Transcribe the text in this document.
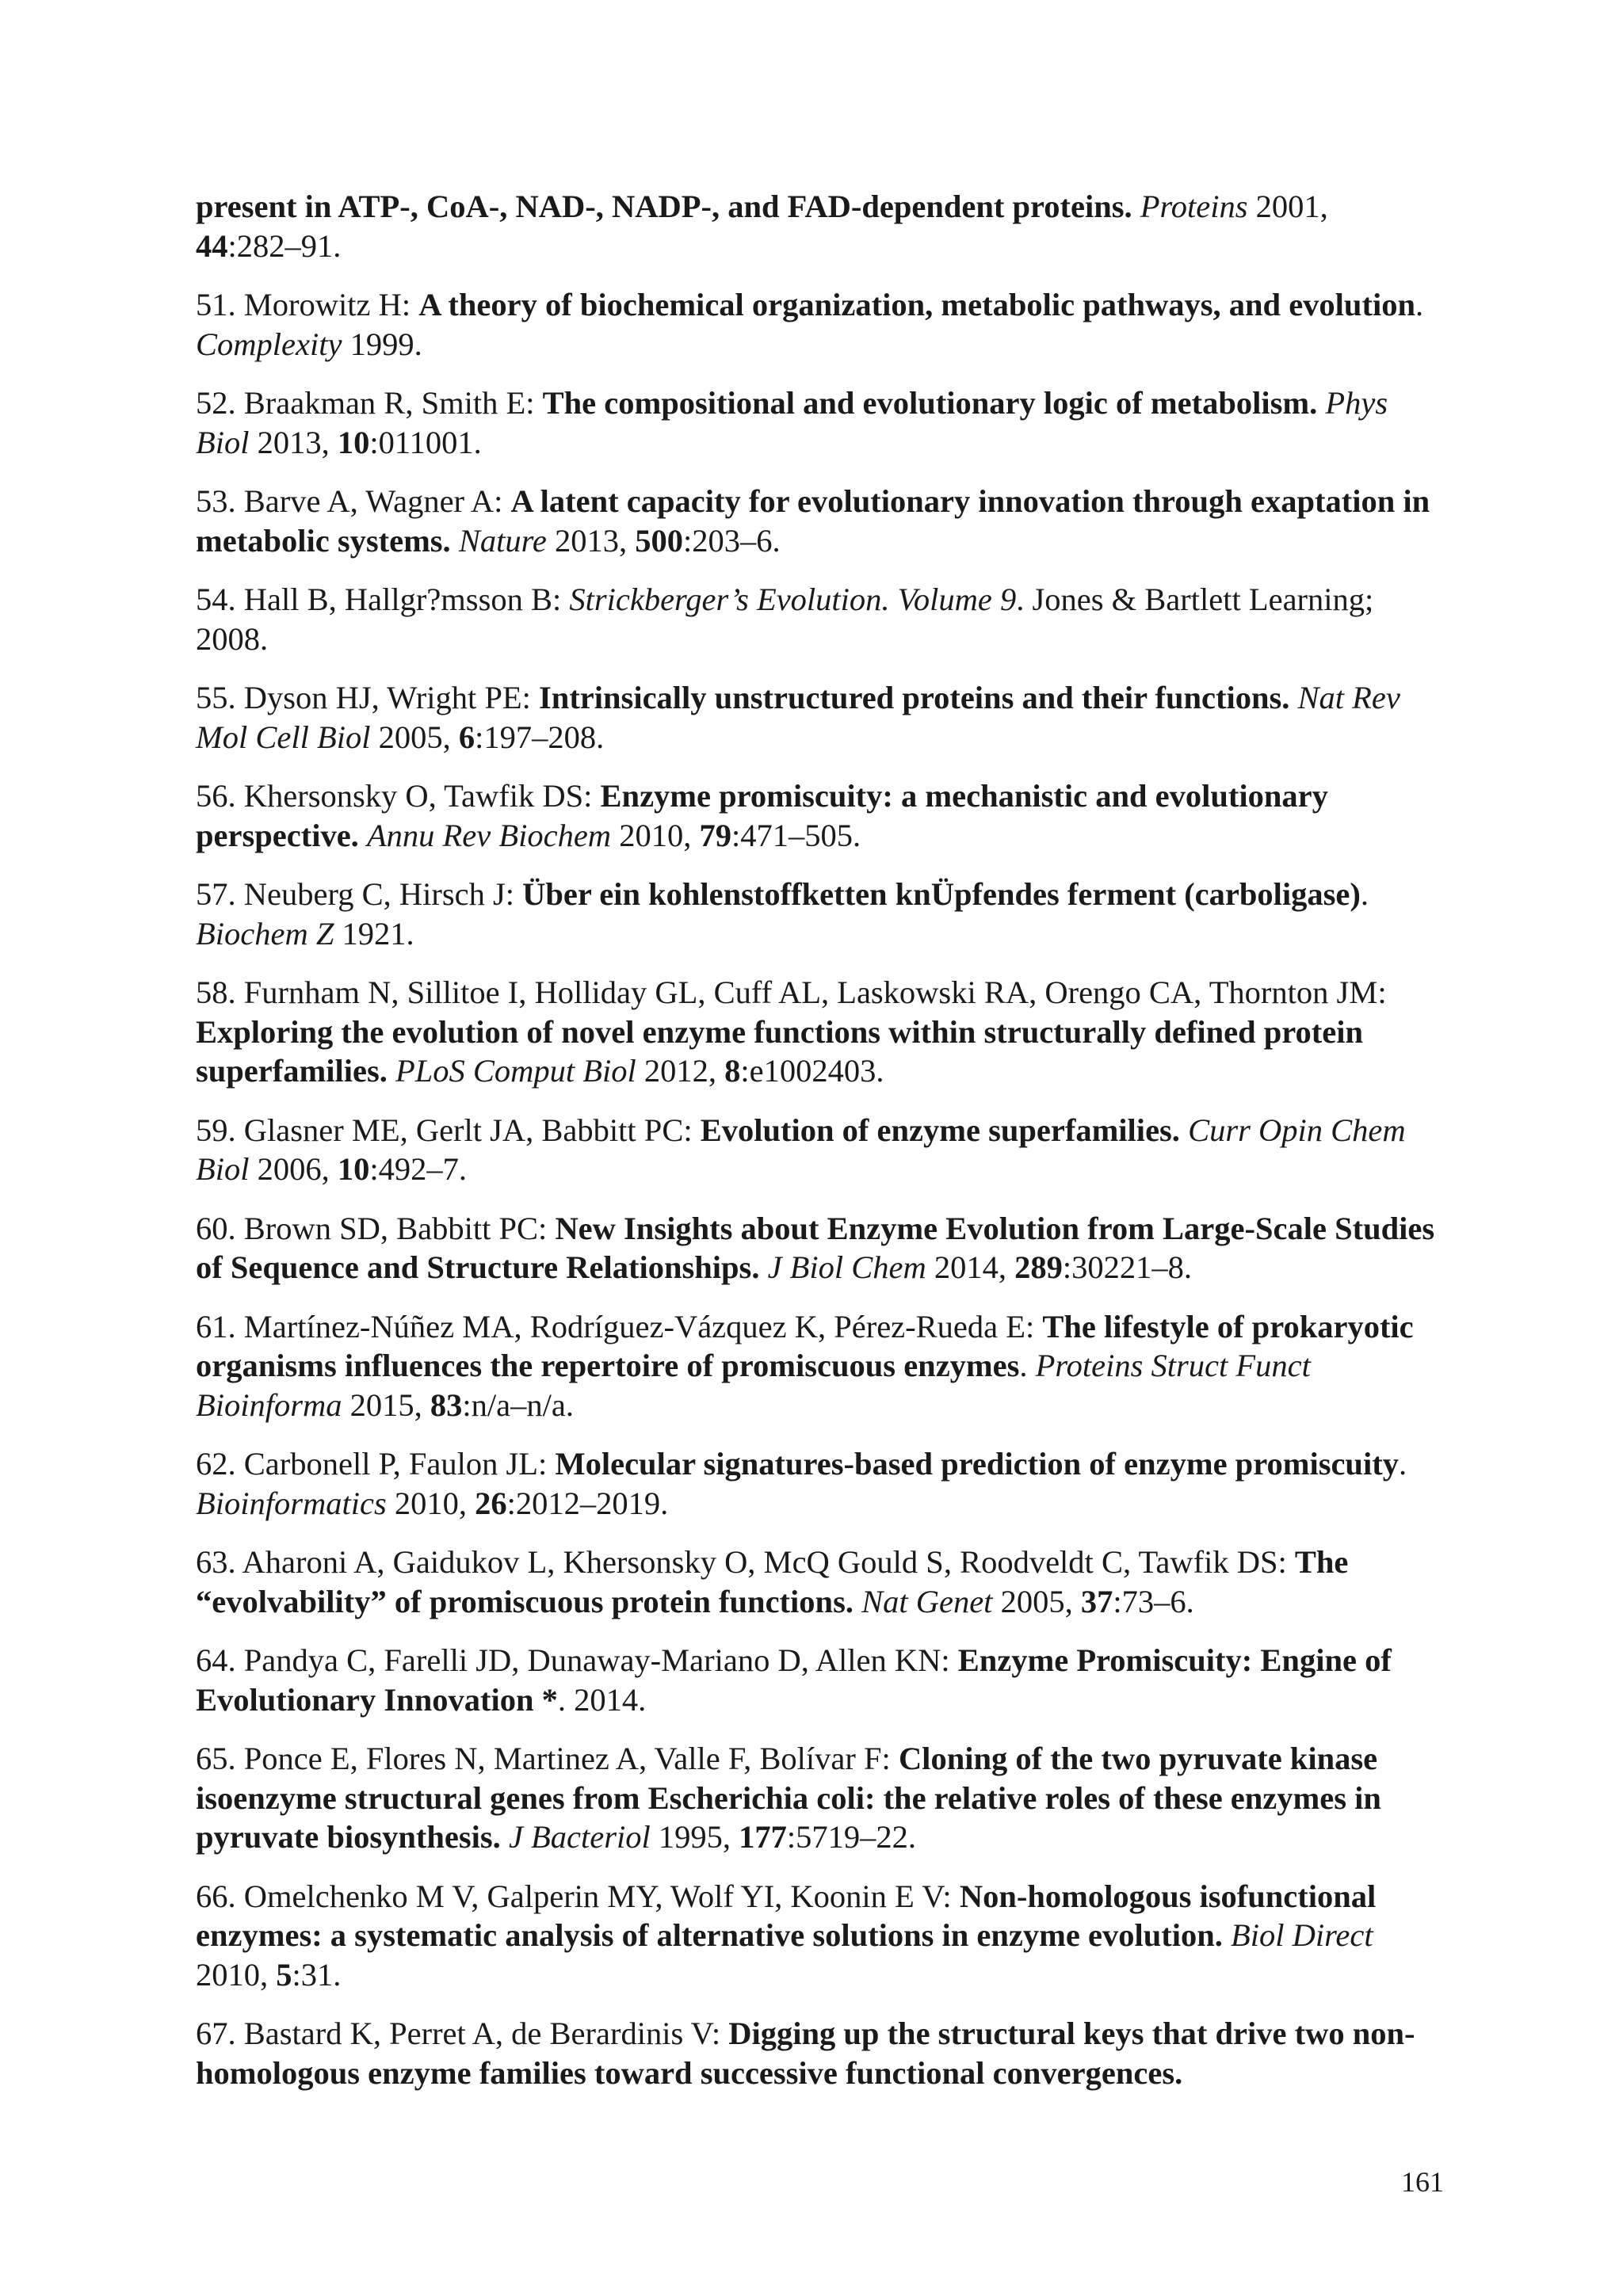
present in ATP-, CoA-, NAD-, NADP-, and FAD-dependent proteins. Proteins 2001, 44:282–91.

51. Morowitz H: A theory of biochemical organization, metabolic pathways, and evolution. Complexity 1999.

52. Braakman R, Smith E: The compositional and evolutionary logic of metabolism. Phys Biol 2013, 10:011001.

53. Barve A, Wagner A: A latent capacity for evolutionary innovation through exaptation in metabolic systems. Nature 2013, 500:203–6.

54. Hall B, Hallgr?msson B: Strickberger’s Evolution. Volume 9. Jones & Bartlett Learning; 2008.

55. Dyson HJ, Wright PE: Intrinsically unstructured proteins and their functions. Nat Rev Mol Cell Biol 2005, 6:197–208.

56. Khersonsky O, Tawfik DS: Enzyme promiscuity: a mechanistic and evolutionary perspective. Annu Rev Biochem 2010, 79:471–505.

57. Neuberg C, Hirsch J: Über ein kohlenstoffketten knÜpfendes ferment (carboligase). Biochem Z 1921.

58. Furnham N, Sillitoe I, Holliday GL, Cuff AL, Laskowski RA, Orengo CA, Thornton JM: Exploring the evolution of novel enzyme functions within structurally defined protein superfamilies. PLoS Comput Biol 2012, 8:e1002403.

59. Glasner ME, Gerlt JA, Babbitt PC: Evolution of enzyme superfamilies. Curr Opin Chem Biol 2006, 10:492–7.

60. Brown SD, Babbitt PC: New Insights about Enzyme Evolution from Large-Scale Studies of Sequence and Structure Relationships. J Biol Chem 2014, 289:30221–8.

61. Martínez-Núñez MA, Rodríguez-Vázquez K, Pérez-Rueda E: The lifestyle of prokaryotic organisms influences the repertoire of promiscuous enzymes. Proteins Struct Funct Bioinforma 2015, 83:n/a–n/a.

62. Carbonell P, Faulon JL: Molecular signatures-based prediction of enzyme promiscuity. Bioinformatics 2010, 26:2012–2019.

63. Aharoni A, Gaidukov L, Khersonsky O, McQ Gould S, Roodveldt C, Tawfik DS: The “evolvability” of promiscuous protein functions. Nat Genet 2005, 37:73–6.

64. Pandya C, Farelli JD, Dunaway-Mariano D, Allen KN: Enzyme Promiscuity: Engine of Evolutionary Innovation *. 2014.

65. Ponce E, Flores N, Martinez A, Valle F, Bolívar F: Cloning of the two pyruvate kinase isoenzyme structural genes from Escherichia coli: the relative roles of these enzymes in pyruvate biosynthesis. J Bacteriol 1995, 177:5719–22.

66. Omelchenko M V, Galperin MY, Wolf YI, Koonin E V: Non-homologous isofunctional enzymes: a systematic analysis of alternative solutions in enzyme evolution. Biol Direct 2010, 5:31.

67. Bastard K, Perret A, de Berardinis V: Digging up the structural keys that drive two non-homologous enzyme families toward successive functional convergences.

161
